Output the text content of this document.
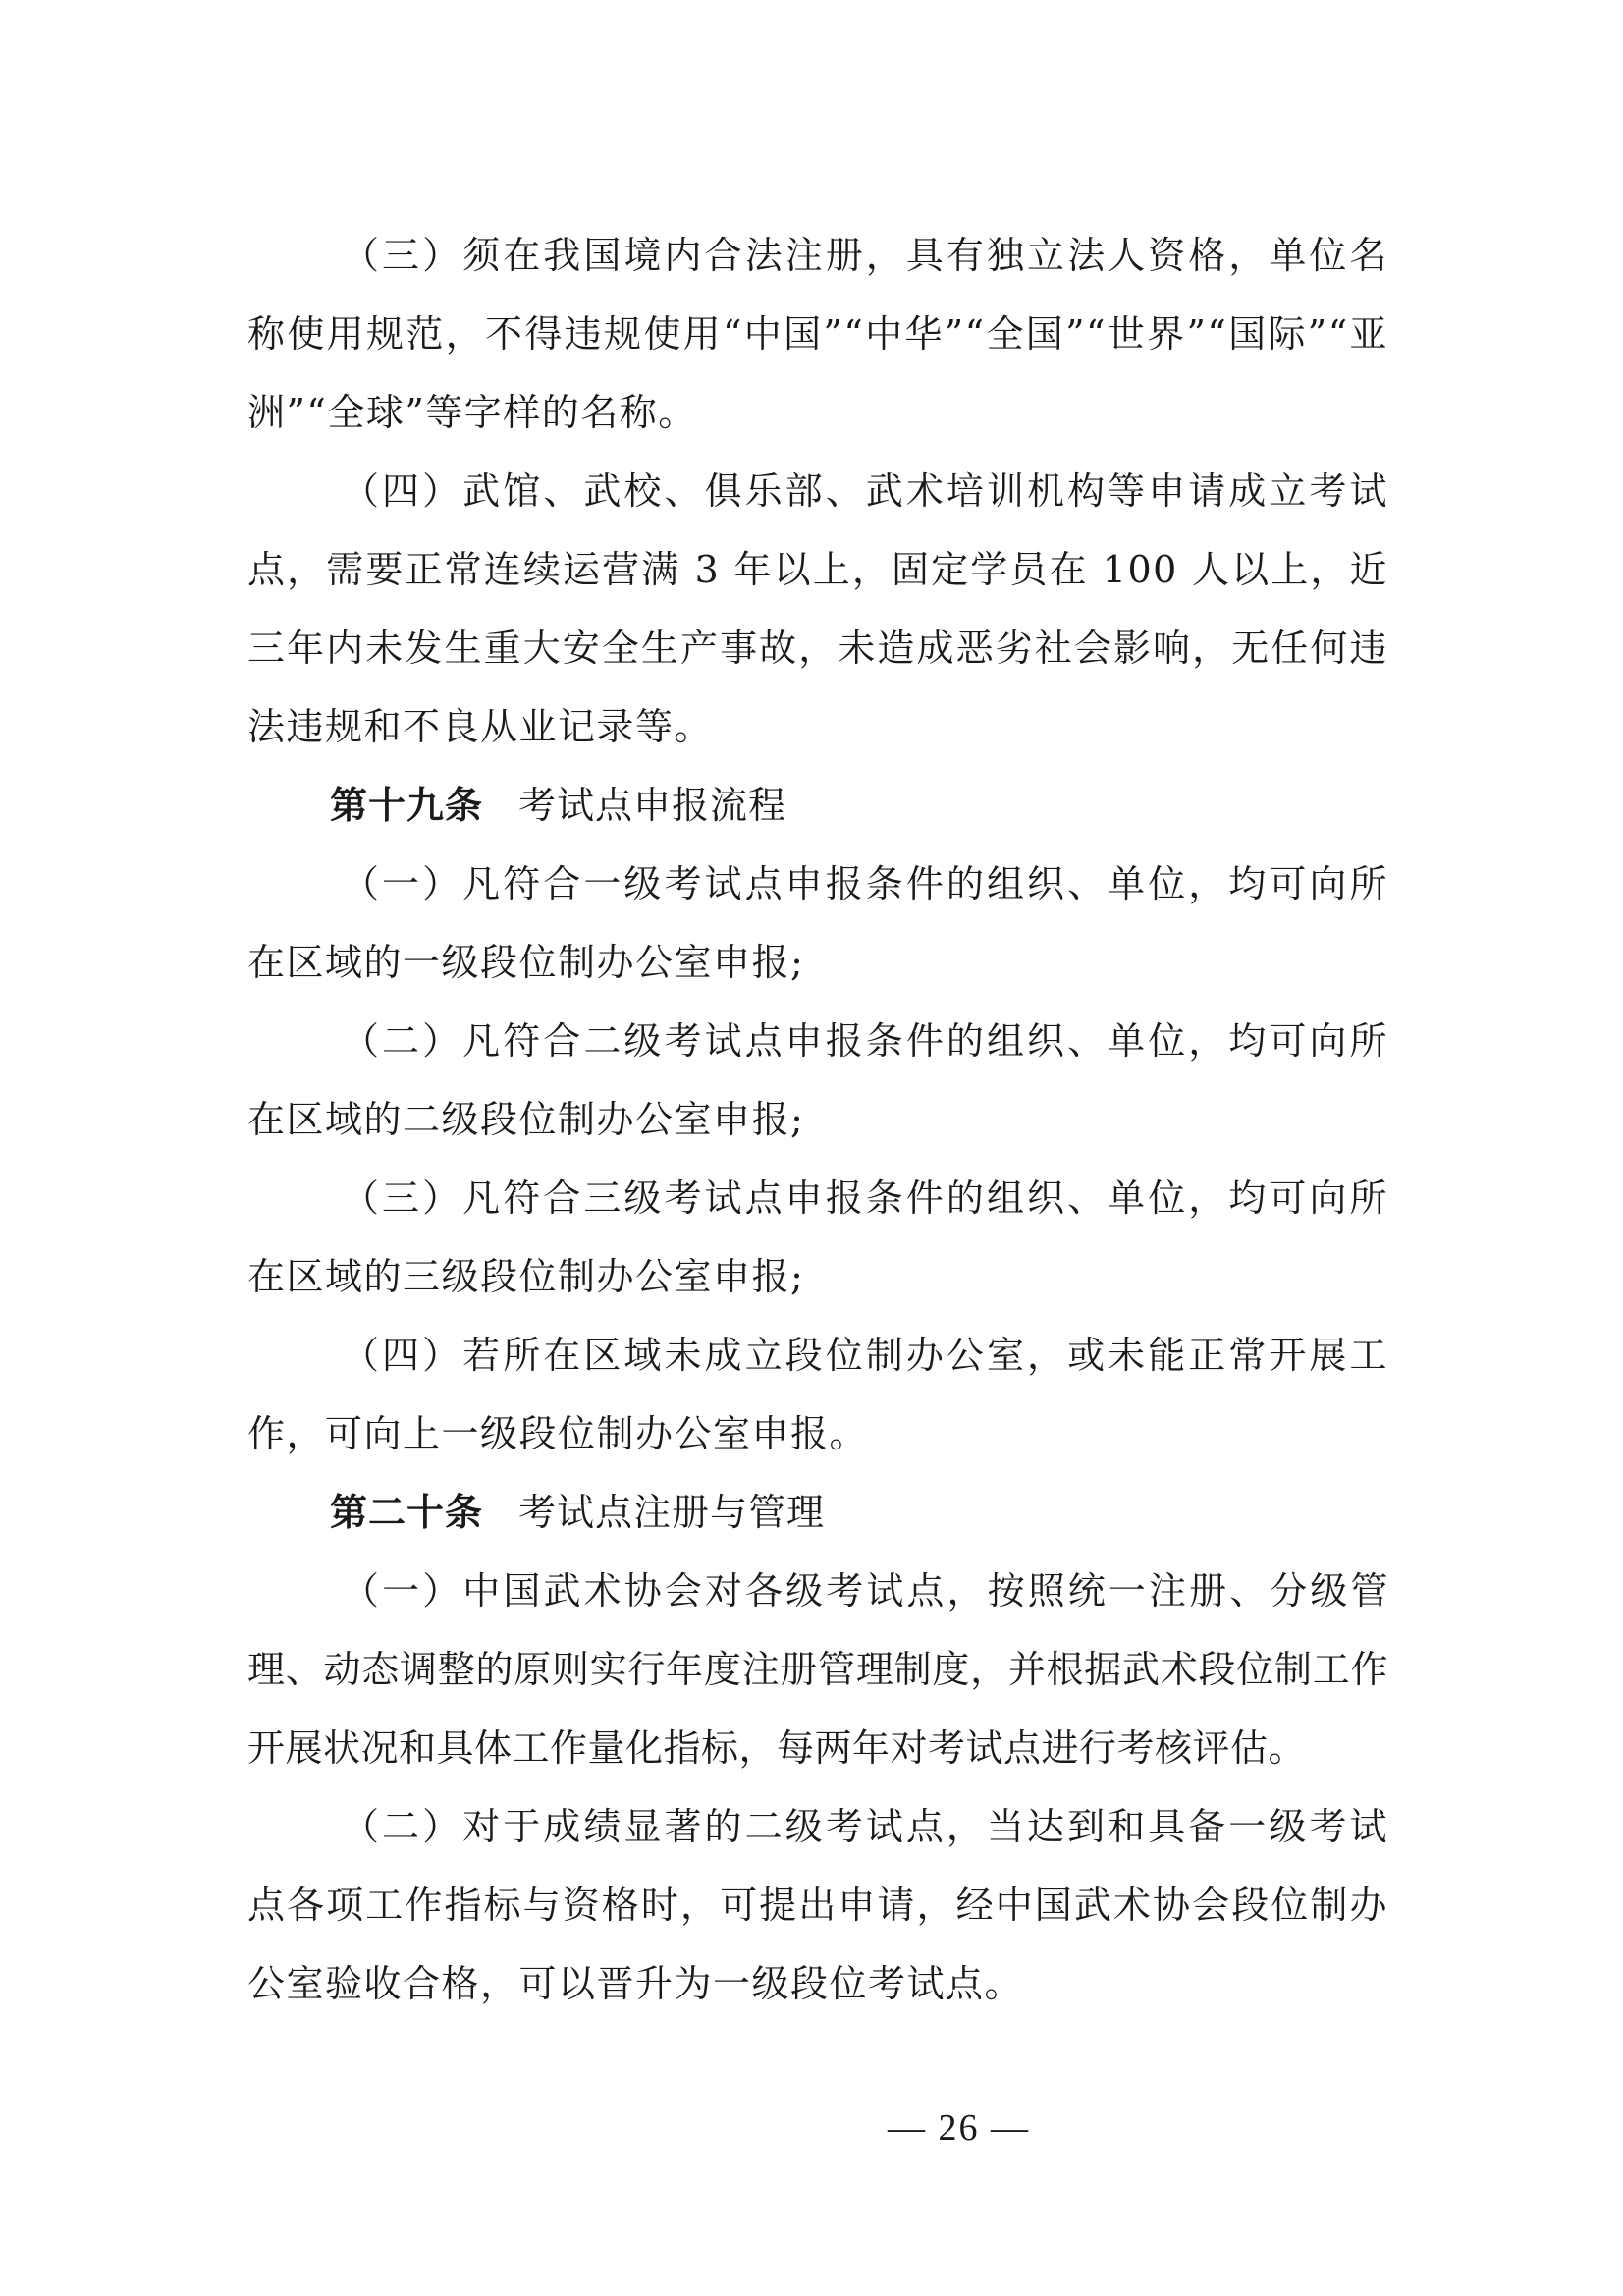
（三）须在我国境内合法注册，具有独立法人资格，单位名称使用规范，不得违规使用“中国”“中华”“全国”“世界”“国际”“亚洲”“全球”等字样的名称。

（四）武馆、武校、俱乐部、武术培训机构等申请成立考试点，需要正常连续运营满 3 年以上，固定学员在 100 人以上，近三年内未发生重大安全生产事故，未造成恶劣社会影响，无任何违法违规和不良从业记录等。

第十九条 考试点申报流程

（一）凡符合一级考试点申报条件的组织、单位，均可向所在区域的一级段位制办公室申报;

（二）凡符合二级考试点申报条件的组织、单位，均可向所在区域的二级段位制办公室申报;

（三）凡符合三级考试点申报条件的组织、单位，均可向所在区域的三级段位制办公室申报;

（四）若所在区域未成立段位制办公室，或未能正常开展工作，可向上一级段位制办公室申报。

第二十条 考试点注册与管理

（一）中国武术协会对各级考试点，按照统一注册、分级管理、动态调整的原则实行年度注册管理制度，并根据武术段位制工作开展状况和具体工作量化指标，每两年对考试点进行考核评估。

（二）对于成绩显著的二级考试点，当达到和具备一级考试点各项工作指标与资格时，可提出申请，经中国武术协会段位制办公室验收合格，可以晋升为一级段位考试点。

— 26 —
